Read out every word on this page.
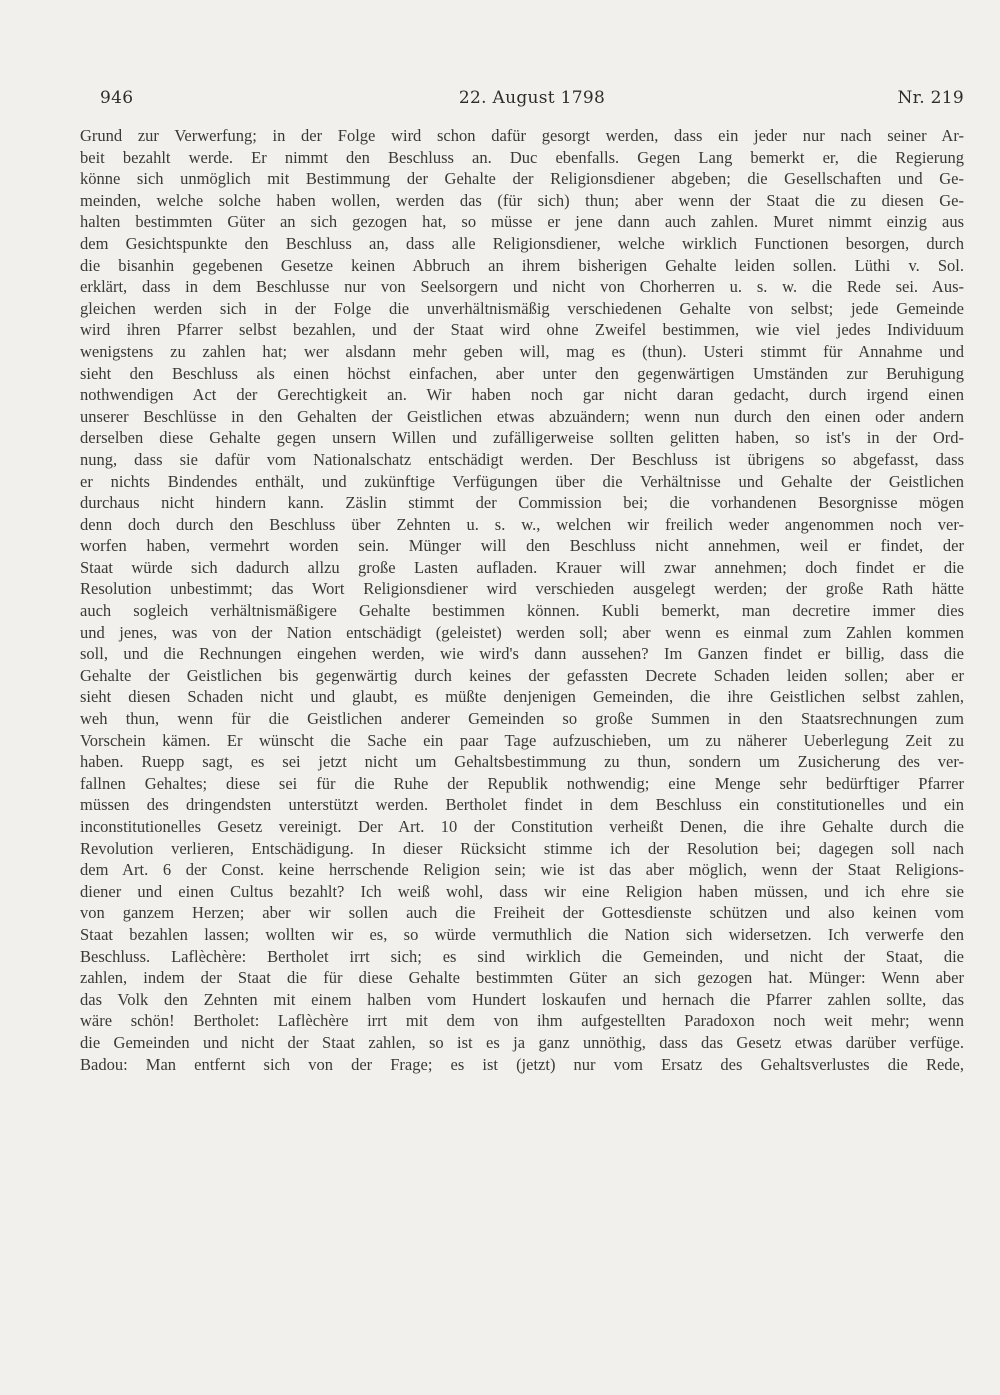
946	22. August 1798	Nr. 219
Grund zur Verwerfung; in der Folge wird schon dafür gesorgt werden, dass ein jeder nur nach seiner Ar-
beit bezahlt werde. Er nimmt den Beschluss an. Duc ebenfalls. Gegen Lang bemerkt er, die Regierung
könne sich unmöglich mit Bestimmung der Gehalte der Religionsdiener abgeben; die Gesellschaften und Ge-
meinden, welche solche haben wollen, werden das (für sich) thun; aber wenn der Staat die zu diesen Ge-
halten bestimmten Güter an sich gezogen hat, so müsse er jene dann auch zahlen. Muret nimmt einzig aus
dem Gesichtspunkte den Beschluss an, dass alle Religionsdiener, welche wirklich Functionen besorgen, durch
die bisanhin gegebenen Gesetze keinen Abbruch an ihrem bisherigen Gehalte leiden sollen. Lüthi v. Sol.
erklärt, dass in dem Beschlusse nur von Seelsorgern und nicht von Chorherren u. s. w. die Rede sei. Aus-
gleichen werden sich in der Folge die unverhältnismäßig verschiedenen Gehalte von selbst; jede Gemeinde
wird ihren Pfarrer selbst bezahlen, und der Staat wird ohne Zweifel bestimmen, wie viel jedes Individuum
wenigstens zu zahlen hat; wer alsdann mehr geben will, mag es (thun). Usteri stimmt für Annahme und
sieht den Beschluss als einen höchst einfachen, aber unter den gegenwärtigen Umständen zur Beruhigung
nothwendigen Act der Gerechtigkeit an. Wir haben noch gar nicht daran gedacht, durch irgend einen
unserer Beschlüsse in den Gehalten der Geistlichen etwas abzuändern; wenn nun durch den einen oder andern
derselben diese Gehalte gegen unsern Willen und zufälligerweise sollten gelitten haben, so ist's in der Ord-
nung, dass sie dafür vom Nationalschatz entschädigt werden. Der Beschluss ist übrigens so abgefasst, dass
er nichts Bindendes enthält, und zukünftige Verfügungen über die Verhältnisse und Gehalte der Geistlichen
durchaus nicht hindern kann. Zäslin stimmt der Commission bei; die vorhandenen Besorgnisse mögen
denn doch durch den Beschluss über Zehnten u. s. w., welchen wir freilich weder angenommen noch ver-
worfen haben, vermehrt worden sein. Münger will den Beschluss nicht annehmen, weil er findet, der
Staat würde sich dadurch allzu große Lasten aufladen. Krauer will zwar annehmen; doch findet er die
Resolution unbestimmt; das Wort Religionsdiener wird verschieden ausgelegt werden; der große Rath hätte
auch sogleich verhältnismäßigere Gehalte bestimmen können. Kubli bemerkt, man decretire immer dies
und jenes, was von der Nation entschädigt (geleistet) werden soll; aber wenn es einmal zum Zahlen kommen
soll, und die Rechnungen eingehen werden, wie wird's dann aussehen? Im Ganzen findet er billig, dass die
Gehalte der Geistlichen bis gegenwärtig durch keines der gefassten Decrete Schaden leiden sollen; aber er
sieht diesen Schaden nicht und glaubt, es müßte denjenigen Gemeinden, die ihre Geistlichen selbst zahlen,
weh thun, wenn für die Geistlichen anderer Gemeinden so große Summen in den Staatsrechnungen zum
Vorschein kämen. Er wünscht die Sache ein paar Tage aufzuschieben, um zu näherer Ueberlegung Zeit zu
haben. Ruepp sagt, es sei jetzt nicht um Gehaltsbestimmung zu thun, sondern um Zusicherung des ver-
fallnen Gehaltes; diese sei für die Ruhe der Republik nothwendig; eine Menge sehr bedürftiger Pfarrer
müssen des dringendsten unterstützt werden. Bertholet findet in dem Beschluss ein constitutionelles und ein
inconstitutionelles Gesetz vereinigt. Der Art. 10 der Constitution verheißt Denen, die ihre Gehalte durch die
Revolution verlieren, Entschädigung. In dieser Rücksicht stimme ich der Resolution bei; dagegen soll nach
dem Art. 6 der Const. keine herrschende Religion sein; wie ist das aber möglich, wenn der Staat Religions-
diener und einen Cultus bezahlt? Ich weiß wohl, dass wir eine Religion haben müssen, und ich ehre sie
von ganzem Herzen; aber wir sollen auch die Freiheit der Gottesdienste schützen und also keinen vom
Staat bezahlen lassen; wollten wir es, so würde vermuthlich die Nation sich widersetzen. Ich verwerfe den
Beschluss. Laflèchère: Bertholet irrt sich; es sind wirklich die Gemeinden, und nicht der Staat, die
zahlen, indem der Staat die für diese Gehalte bestimmten Güter an sich gezogen hat. Münger: Wenn aber
das Volk den Zehnten mit einem halben vom Hundert loskaufen und hernach die Pfarrer zahlen sollte, das
wäre schön! Bertholet: Laflèchère irrt mit dem von ihm aufgestellten Paradoxon noch weit mehr; wenn
die Gemeinden und nicht der Staat zahlen, so ist es ja ganz unnöthig, dass das Gesetz etwas darüber verfüge.
Badou: Man entfernt sich von der Frage; es ist (jetzt) nur vom Ersatz des Gehaltsverlustes die Rede,
